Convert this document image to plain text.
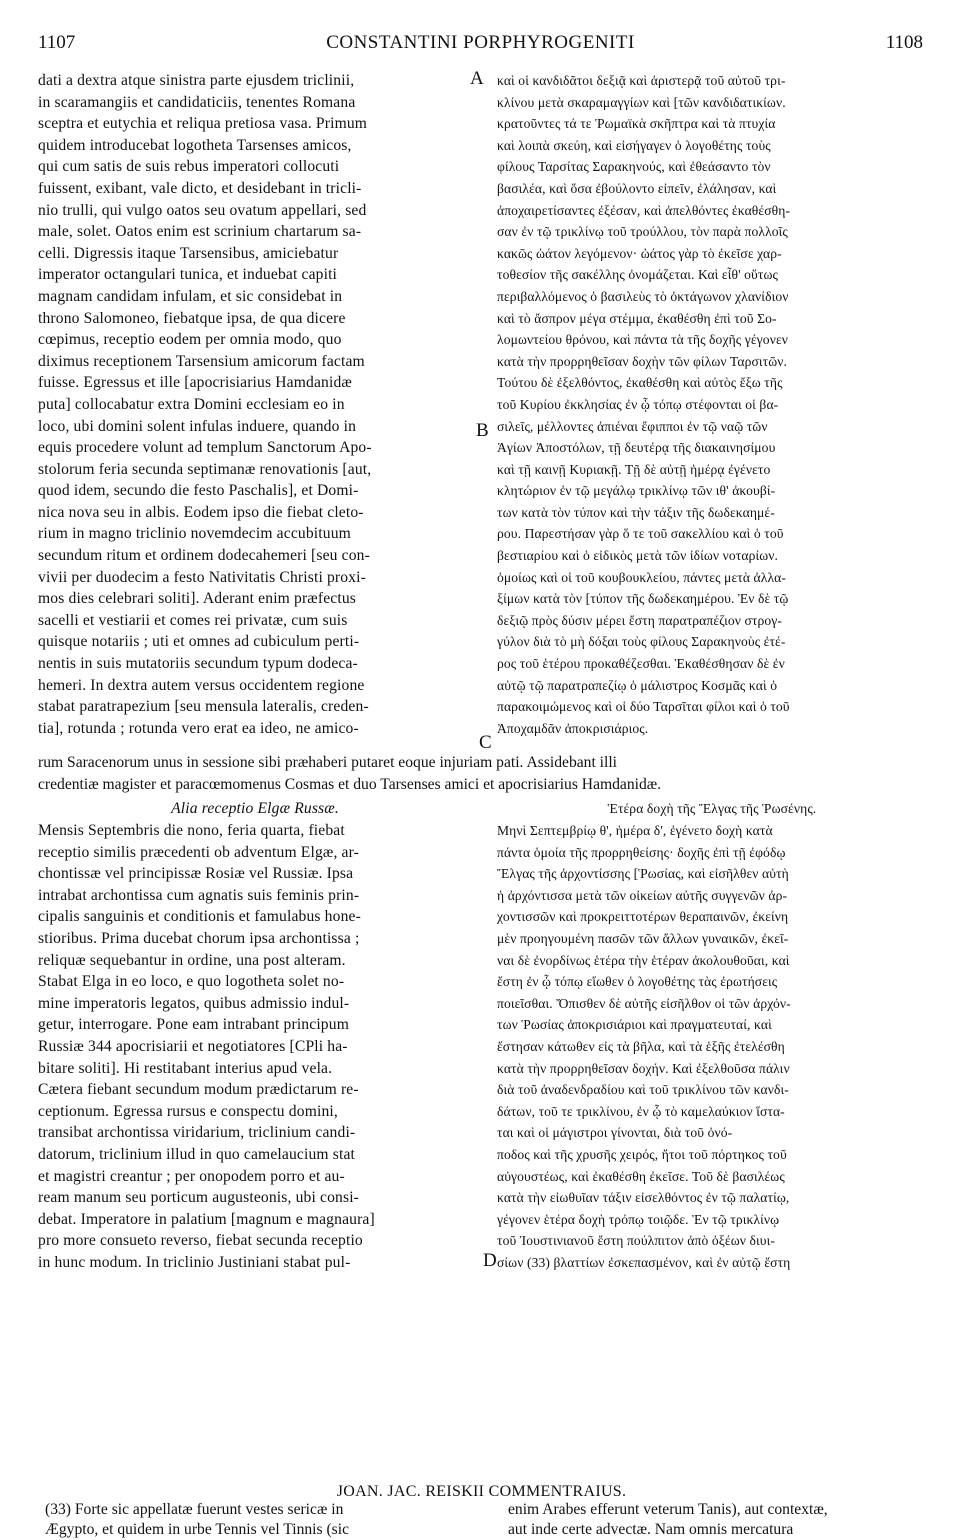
1107	CONSTANTINI PORPHYROGENITI	1108
dati a dextra atque sinistra parte ejusdem triclinii,
in scaramangiis et candidaticiis, tenentes Romana
sceptra et eutychia et reliqua pretiosa vasa. Primum
quidem introducebat logotheta Tarsenses amicos,
qui cum satis de suis rebus imperatori collocuti
fuissent, exibant, vale dicto, et desidebant in tricli-
nio trulli, qui vulgo oatos seu ovatum appellari, sed
male, solet. Oatos enim est scrinium chartarum sa-
celli. Digressis itaque Tarsensibus, amiciebatur
imperator octangulari tunica, et induebat capiti
magnam candidam infulam, et sic considebat in
throno Salomoneo, fiebatque ipsa, de qua dicere
cœpimus, receptio eodem per omnia modo, quo
diximus receptionem Tarsensium amicorum factam
fuisse. Egressus et ille [apocrisiarius Hamdanidæ
puta] collocabatur extra Domini ecclesiam eo in
loco, ubi domini solent infulas induere, quando in
equis procedere volunt ad templum Sanctorum Apo-
stolorum feria secunda septimanæ renovationis [aut,
quod idem, secundo die festo Paschalis], et Domi-
nica nova seu in albis. Eodem ipso die fiebat cleto-
rium in magno triclinio novemdecim accubituum
secundum ritum et ordinem dodecahemeri [seu con-
vivii per duodecim a festo Nativitatis Christi proxi-
mos dies celebrari soliti]. Aderant enim præfectus
sacelli et vestiarii et comes rei privatæ, cum suis
quisque notariis ; uti et omnes ad cubiculum perti-
nentis in suis mutatoriis secundum typum dodeca-
hemeri. In dextra autem versus occidentem regione
stabat paratrapezium [seu mensula lateralis, creden-
tia], rotunda ; rotunda vero erat ea ideo, ne amico-
καὶ οἱ κανδιδᾶτοι δεξιᾷ καὶ ἀριστερᾷ τοῦ αὐτοῦ τρι-
κλίνου μετὰ σκαραμαγγίων καὶ [τῶν κανδιδατικίων.
κρατοῦντες τά τε Ῥωμαϊκὰ σκῆπτρα καὶ τὰ πτυχία
καὶ λοιπὰ σκεύη, καὶ εἰσήγαγεν ὁ λογοθέτης τοὺς
φίλους Ταρσίτας Σαρακηνούς, καὶ ἐθεάσαντο τὸν
βασιλέα, καὶ ὅσα ἐβούλοντο εἰπεῖν, ἐλάλησαν, καὶ
ἀποχαιρετίσαντες ἐξέσαν, καὶ ἀπελθόντες ἐκαθέσθη-
σαν ἐν τῷ τρικλίνῳ τοῦ τρούλλου, τὸν παρὰ πολλοῖς
κακῶς ὠάτον λεγόμενον· ὠάτος γὰρ τὸ ἐκεῖσε χαρ-
τοθεσίον τῆς σακέλλης ὀνομάζεται. Καὶ εἶθ' οὕτως
περιβαλλόμενος ὁ βασιλεὺς τὸ ὀκτάγωνον χλανίδιον
καὶ τὸ ἄσπρον μέγα στέμμα, ἐκαθέσθη ἐπὶ τοῦ Σο-
λομωντείου θρόνου, καὶ πάντα τὰ τῆς δοχῆς γέγονεν
κατὰ τὴν προρρηθεῖσαν δοχὴν τῶν φίλων Ταρσιτῶν.
Τούτου δὲ ἐξελθόντος, ἐκαθέσθη καὶ αὐτὸς ἔξω τῆς
τοῦ Κυρίου ἐκκλησίας ἐν ᾧ τόπῳ στέφονται οἱ βα-
σιλεῖς, μέλλοντες ἀπιέναι ἔφιπποι ἐν τῷ ναῷ τῶν
Ἁγίων Ἀποστόλων, τῇ δευτέρᾳ τῆς διακαινησίμου
καὶ τῇ καινῇ Κυριακῇ. Τῇ δὲ αὐτῇ ἡμέρᾳ ἐγένετο
κλητώριον ἐν τῷ μεγάλῳ τρικλίνῳ τῶν ιθ' ἀκουβί-
των κατὰ τὸν τύπον καὶ τὴν τάξιν τῆς δωδεκαημέ-
ρου. Παρεστήσαν γὰρ ὅ τε τοῦ σακελλίου καὶ ὁ τοῦ
βεστιαρίου καὶ ὁ εἰδικὸς μετὰ τῶν ἰδίων νοταρίων.
ὁμοίως καὶ οἱ τοῦ κουβουκλείου, πάντες μετὰ ἀλλα-
ξίμων κατὰ τὸν [τύπον τῆς δωδεκαημέρου. Ἐν δὲ τῷ
δεξιῷ πρὸς δύσιν μέρει ἔστη παρατραπέζιον στρογ-
γύλον διὰ τὸ μὴ δόξαι τοὺς φίλους Σαρακηνοὺς ἐτέ-
ρος τοῦ ἑτέρου προκαθέζεσθαι. Ἐκαθέσθησαν δὲ ἐν
αὐτῷ τῷ παρατραπεζίῳ ὁ μάλιστρος Κοσμᾶς καὶ ὁ
παρακοιμώμενος καὶ οἱ δύο Ταρσῖται φίλοι καὶ ὁ τοῦ
Ἀποχαμδᾶν ἀποκρισιάριος.
A
B
C
D
rum Saracenorum unus in sessione sibi præhaberi putaret eoque injuriam pati. Assidebant illi
credentiæ magister et paracœmomenus Cosmas et duo Tarsenses amici et apocrisiarius Hamdanidæ.
Alia receptio Elgæ Russæ.	Ἑτέρα δοχὴ τῆς Ἔλγας τῆς Ῥωσένης.
Mensis Septembris die nono, feria quarta, fiebat
receptio similis præcedenti ob adventum Elgæ, ar-
chontissæ vel principissæ Rosiæ vel Russiæ. Ipsa
intrabat archontissa cum agnatis suis feminis prin-
cipalis sanguinis et conditionis et famulabus hone-
stioribus. Prima ducebat chorum ipsa archontissa ;
reliquæ sequebantur in ordine, una post alteram.
Stabat Elga in eo loco, e quo logotheta solet no-
mine imperatoris legatos, quibus admissio indul-
getur, interrogare. Pone eam intrabant principum
Russiæ 344 apocrisiarii et negotiatores [CPli ha-
bitare soliti]. Hi restitabant interius apud vela.
Cætera fiebant secundum modum prædictarum re-
ceptionum. Egressa rursus e conspectu domini,
transibat archontissa viridarium, triclinium candi-
datorum, triclinium illud in quo camelaucium stat
et magistri creantur ; per onopodem porro et au-
ream manum seu porticum augusteonis, ubi consi-
debat. Imperatore in palatium [magnum e magnaura]
pro more consueto reverso, fiebat secunda receptio
in hunc modum. In triclinio Justiniani stabat pul-
Μηνὶ Σεπτεμβρίῳ θ', ἡμέρα δ', ἐγένετο δοχὴ κατὰ
πάντα ὁμοία τῆς προρρηθείσης· δοχῆς ἐπὶ τῇ ἐφόδῳ
Ἔλγας τῆς ἀρχοντίσσης [Ῥωσίας, καὶ εἰσῆλθεν αὐτὴ
ἡ ἀρχόντισσα μετὰ τῶν οἰκείων αὐτῆς συγγενῶν ἀρ-
χοντισσῶν καὶ προκρειττοτέρων θεραπαινῶν, ἐκείνη
μὲν προηγουμένη πασῶν τῶν ἄλλων γυναικῶν, ἐκεῖ-
ναι δὲ ἐνορδίνως ἑτέρα τὴν ἑτέραν ἀκολουθοῦαι, καὶ
ἔστη ἐν ᾧ τόπῳ εἴωθεν ὁ λογοθέτης τὰς ἐρωτήσεις
ποιεῖσθαι. Ὄπισθεν δὲ αὐτῆς εἰσῆλθον οἱ τῶν ἀρχόν-
των Ῥωσίας ἀποκρισιάριοι καὶ πραγματευταί, καὶ
ἔστησαν κάτωθεν εἰς τὰ βῆλα, καὶ τὰ ἑξῆς ἐτελέσθη
κατὰ τὴν προρρηθεῖσαν δοχήν. Καὶ ἐξελθοῦσα πάλιν
διὰ τοῦ ἀναδενδραδίου καὶ τοῦ τρικλίνου τῶν κανδι-
δάτων, τοῦ τε τρικλίνου, ἐν ᾧ τὸ καμελαύκιον ἵστα-
ται καὶ οἱ μάγιστροι γίνονται, διὰ τοῦ ὀνό-
ποδος καὶ τῆς χρυσῆς χειρός, ἤτοι τοῦ πόρτηκος τοῦ
αὐγουστέως, καὶ ἐκαθέσθη ἐκεῖσε. Τοῦ δὲ βασιλέως
κατὰ τὴν εἰωθυῖαν τάξιν εἰσελθόντος ἐν τῷ παλατίῳ,
γέγονεν ἑτέρα δοχὴ τρόπῳ τοιῷδε. Ἐν τῷ τρικλίνῳ
τοῦ Ἰουστινιανοῦ ἔστη πούλπιτον ἀπὸ ὀξέων διυι-
σίων (33) βλαττίων ἐσκεπασμένον, καὶ ἐν αὐτῷ ἔστη
JOAN. JAC. REISKII COMMENTRAIUS.
(33) Forte sic appellatæ fuerunt vestes sericæ in
Ægypto, et quidem in urbe Tennis vel Tinnis (sic
enim Arabes efferunt veterum Tanis), aut contextæ,
aut inde certe advectæ. Nam omnis mercatura
